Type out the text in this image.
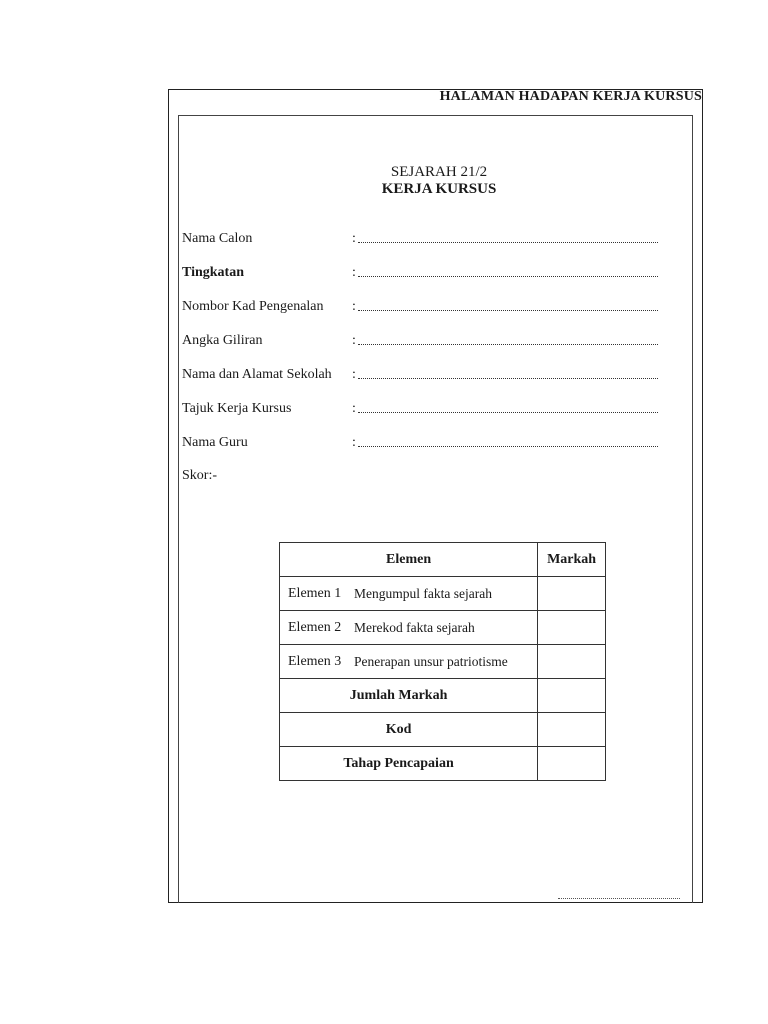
HALAMAN HADAPAN KERJA KURSUS
SEJARAH 21/2
KERJA KURSUS
Nama Calon	:
Tingkatan	:
Nombor Kad Pengenalan :
Angka Giliran	:
Nama dan Alamat Sekolah :
Tajuk Kerja Kursus	:
Nama Guru	:
Skor:-
Elemen	Markah

Elemen 1 Mengumpul fakta sejarah	

Elemen 2 Merekod fakta sejarah	

Elemen 3 Penerapan unsur patriotisme	

Jumlah Markah	

Kod	

Tahap Pencapaian	
